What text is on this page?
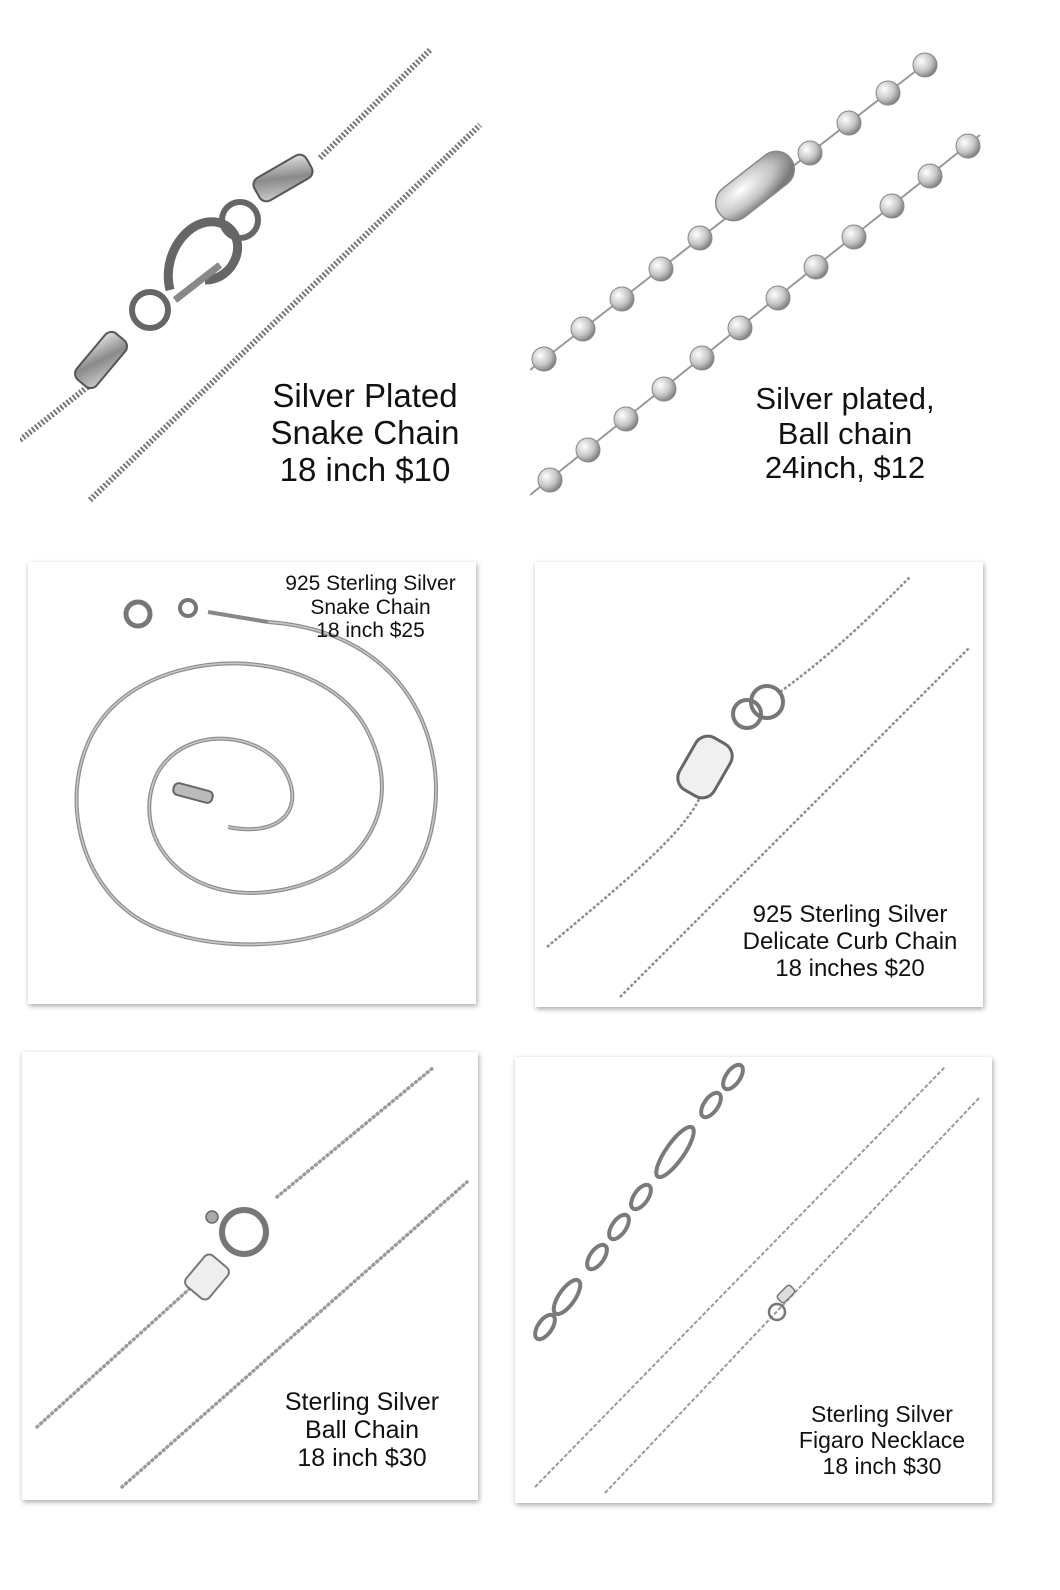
Silver Plated
Snake Chain
18 inch $10
Silver plated,
Ball chain
24inch, $12
925 Sterling Silver
Snake Chain
18 inch $25
925 Sterling Silver
Delicate Curb Chain
18 inches $20
Sterling Silver
Ball Chain
18 inch $30
Sterling Silver
Figaro Necklace
18 inch $30
